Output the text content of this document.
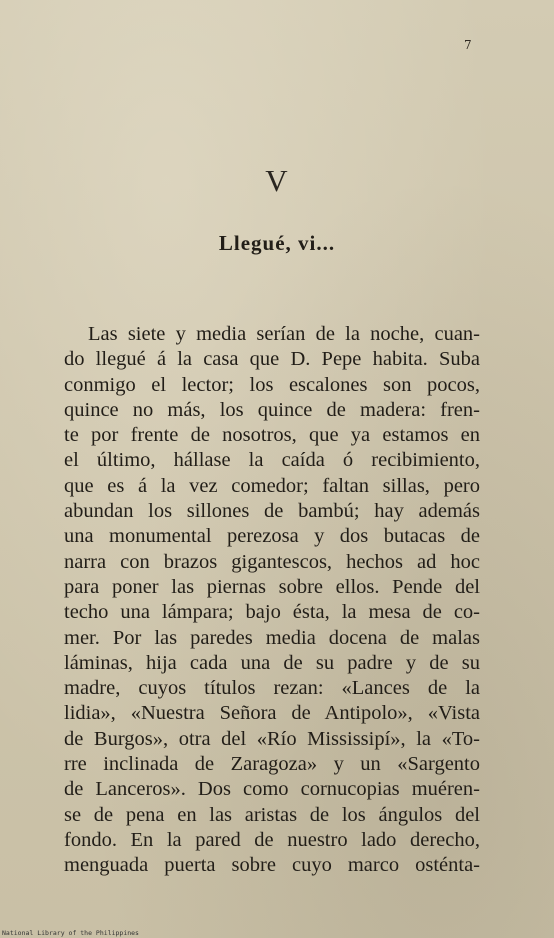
7
V
Llegué, vi...
Las siete y media serían de la noche, cuan-
do llegué á la casa que D. Pepe habita. Suba
conmigo el lector; los escalones son pocos,
quince no más, los quince de madera: fren-
te por frente de nosotros, que ya estamos en
el último, hállase la caída ó recibimiento,
que es á la vez comedor; faltan sillas, pero
abundan los sillones de bambú; hay además
una monumental perezosa y dos butacas de
narra con brazos gigantescos, hechos ad hoc
para poner las piernas sobre ellos. Pende del
techo una lámpara; bajo ésta, la mesa de co-
mer. Por las paredes media docena de malas
láminas, hija cada una de su padre y de su
madre, cuyos títulos rezan: «Lances de la
lidia», «Nuestra Señora de Antipolo», «Vista
de Burgos», otra del «Río Mississipí», la «To-
rre inclinada de Zaragoza» y un «Sargento
de Lanceros». Dos como cornucopias muéren-
se de pena en las aristas de los ángulos del
fondo. En la pared de nuestro lado derecho,
menguada puerta sobre cuyo marco osténta-
National Library of the Philippines
